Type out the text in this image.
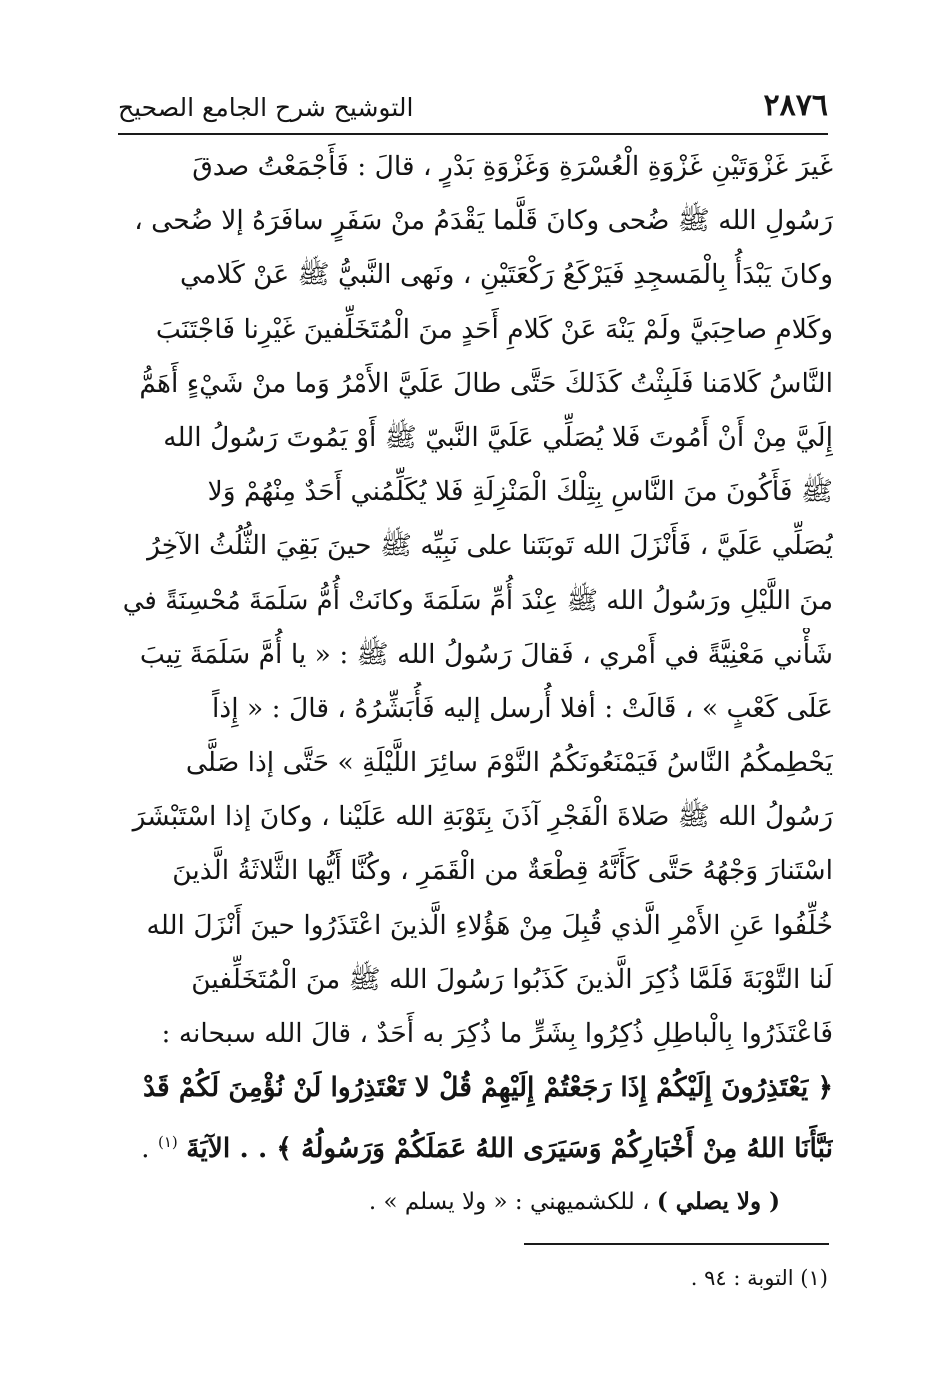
٢٨٧٦
التوشيح شرح الجامع الصحيح
غَيرَ غَزْوَتَيْنِ غَزْوَةِ الْعُسْرَةِ وَغَزْوَةِ بَدْرٍ ، قالَ : فَأَجْمَعْتُ صدقَ
رَسُولِ الله ﷺ ضُحى وكانَ قَلَّما يَقْدَمُ منْ سَفَرٍ سافَرَهُ إلا ضُحى ،
وكانَ يَبْدَأُ بِالْمَسجِدِ فَيَرْكَعُ رَكْعَتَيْنِ ، ونَهى النَّبيُّ ﷺ عَنْ كَلامي
وكَلامِ صاحِبَيَّ ولَمْ يَنْهَ عَنْ كَلامِ أَحَدٍ منَ الْمُتَخَلِّفينَ غَيْرِنا فَاجْتَنَبَ
النَّاسُ كَلامَنا فَلَبِثْتُ كَذَلكَ حَتَّى طالَ عَلَيَّ الأَمْرُ وَما منْ شَيْءٍ أَهَمُّ
إِلَيَّ مِنْ أَنْ أَمُوتَ فَلا يُصَلِّي عَلَيَّ النَّبيّ ﷺ أَوْ يَمُوتَ رَسُولُ الله
ﷺ فَأَكُونَ منَ النَّاسِ بِتِلْكَ الْمَنْزِلَةِ فَلا يُكَلِّمُني أَحَدٌ مِنْهُمْ وَلا
يُصَلِّي عَلَيَّ ، فَأَنْزَلَ الله تَوبَتَنا على نَبِيِّه ﷺ حينَ بَقِيَ الثُّلُثُ الآخِرُ
منَ اللَّيْلِ ورَسُولُ الله ﷺ عِنْدَ أُمِّ سَلَمَةَ وكانَتْ أُمُّ سَلَمَةَ مُحْسِنَةً في
شَأْني مَعْنِيَّةً في أَمْري ، فَقالَ رَسُولُ الله ﷺ : « يا أُمَّ سَلَمَةَ تِيبَ
عَلَى كَعْبٍ » ، قَالَتْ : أفلا أُرسل إليه فَأُبَشِّرُهُ ، قالَ : « إِذاً
يَحْطِمكُمُ النَّاسُ فَيَمْنَعُونَكُمُ النَّوْمَ سائِرَ اللَّيْلَةِ » حَتَّى إذا صَلَّى
رَسُولُ الله ﷺ صَلاةَ الْفَجْرِ آذَنَ بِتَوْبَةِ الله عَلَيْنا ، وكانَ إذا اسْتَبْشَرَ
اسْتَنارَ وَجْهُهُ حَتَّى كَأَنَّهُ قِطْعَةٌ من الْقَمَرِ ، وكُنَّا أَيُّها الثَّلاثَةُ الَّذينَ
خُلِّفُوا عَنِ الأَمْرِ الَّذي قُبِلَ مِنْ هَؤُلاءِ الَّذينَ اعْتَذَرُوا حينَ أَنْزَلَ الله
لَنا التَّوْبَةَ فَلَمَّا ذُكِرَ الَّذينَ كَذَبُوا رَسُولَ الله ﷺ منَ الْمُتَخَلِّفينَ
فَاعْتَذَرُوا بِالْباطِلِ ذُكِرُوا بِشَرٍّ ما ذُكِرَ به أَحَدٌ ، قالَ الله سبحانه :
﴿ يَعْتَذِرُونَ إِلَيْكُمْ إِذَا رَجَعْتُمْ إِلَيْهِمْ قُلْ لا تَعْتَذِرُوا لَنْ نُؤْمِنَ لَكُمْ قَدْ
نَبَّأَنَا اللهُ مِنْ أَخْبَارِكُمْ وَسَيَرَى اللهُ عَمَلَكُمْ وَرَسُولُهُ ﴾ . . الآيَةَ $^{(١)}$ .
( ولا يصلي ) ، للكشميهني : « ولا يسلم » .
(١) التوبة : ٩٤ .
